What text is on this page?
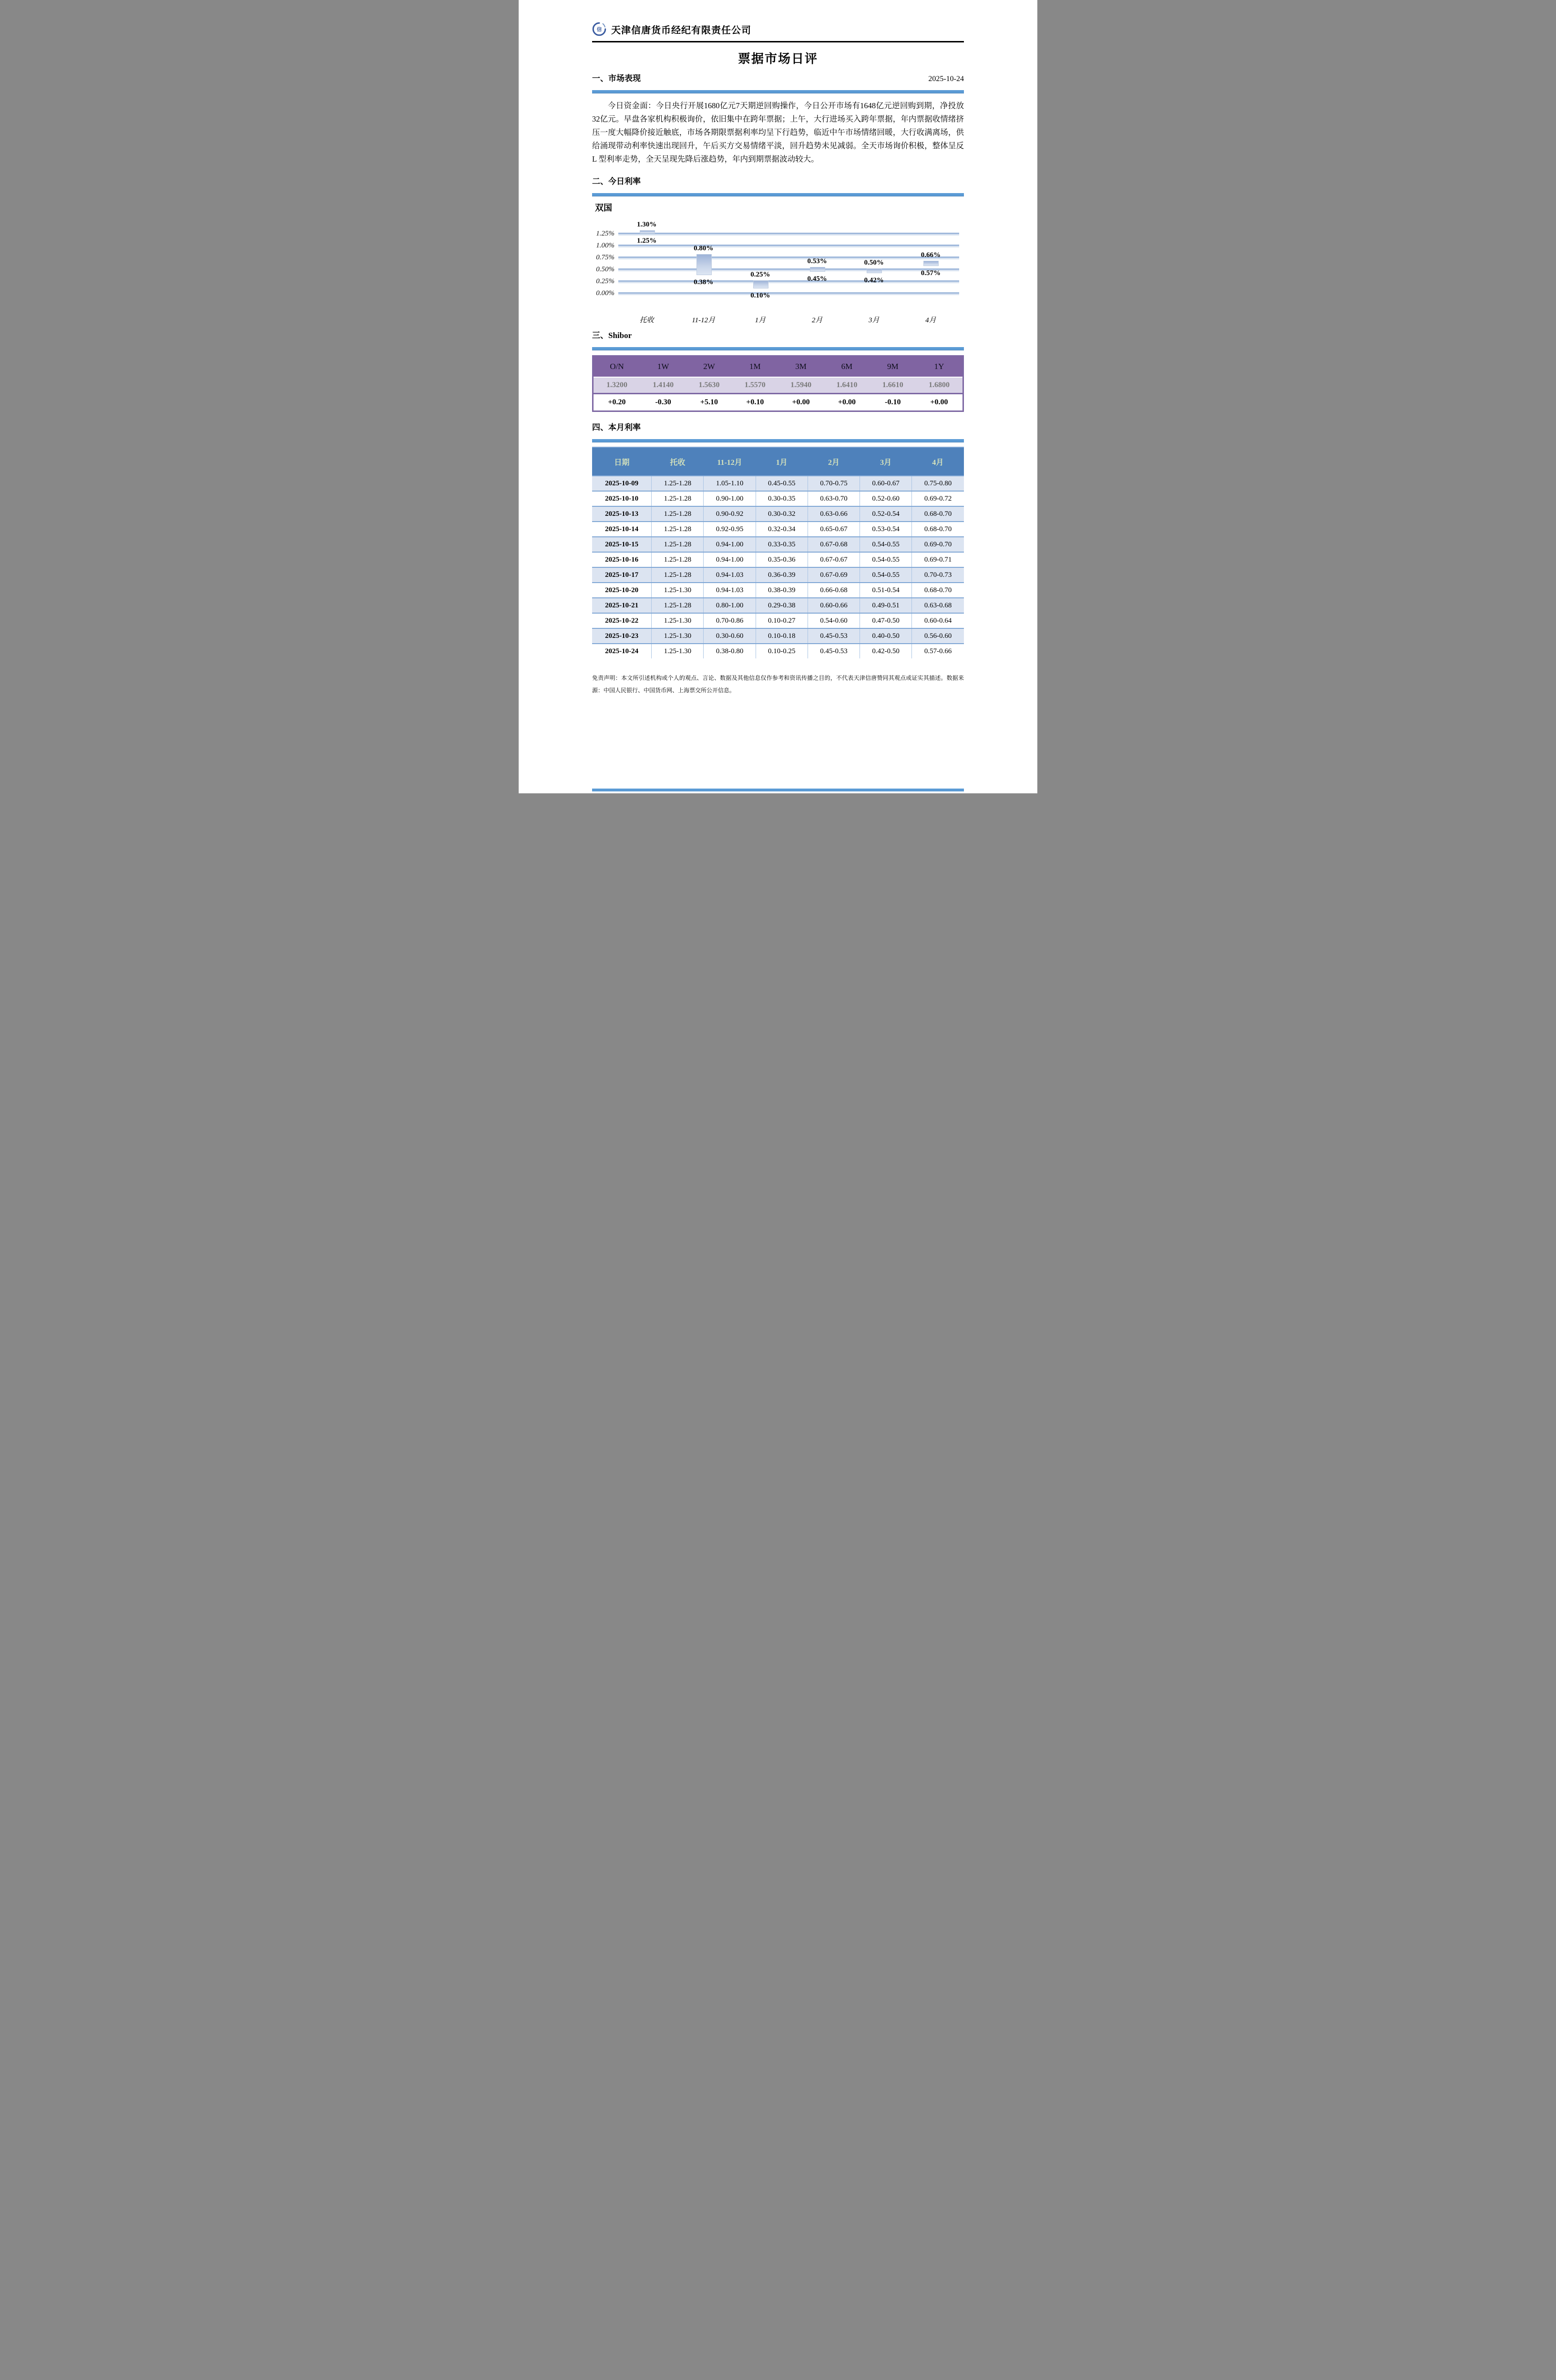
信 天津信唐货币经纪有限责任公司
票据市场日评
一、市场表现	2025-10-24

今日资金面：今日央行开展1680亿元7天期逆回购操作，今日公开市场有1648亿元逆回购到期，净投放32亿元。早盘各家机构积极询价，依旧集中在跨年票据；上午，大行进场买入跨年票据，年内票据收情绪挤压一度大幅降价接近触底，市场各期限票据利率均呈下行趋势，临近中午市场情绪回暖，大行收满离场，供给涌现带动利率快速出现回升，午后买方交易情绪平淡，回升趋势未见减弱。全天市场询价积极，整体呈反 L 型利率走势，全天呈现先降后涨趋势，年内到期票据波动较大。

二、今日利率
双国
1.25%
1.00%
0.75%
0.50%
0.25%
0.00%
1.30%
1.25%
托收
0.80%
0.38%
11-12月
0.25%
0.10%
1月
0.53%
0.45%
2月
0.50%
0.42%
3月
0.66%
0.57%
4月
三、Shibor
O/N	1W	2W	1M	3M	6M	9M	1Y
1.3200	1.4140	1.5630	1.5570	1.5940	1.6410	1.6610	1.6800
+0.20	-0.30	+5.10	+0.10	+0.00	+0.00	-0.10	+0.00
四、本月利率
日期	托收	11-12月	1月	2月	3月	4月
2025-10-09	1.25-1.28	1.05-1.10	0.45-0.55	0.70-0.75	0.60-0.67	0.75-0.80
2025-10-10	1.25-1.28	0.90-1.00	0.30-0.35	0.63-0.70	0.52-0.60	0.69-0.72
2025-10-13	1.25-1.28	0.90-0.92	0.30-0.32	0.63-0.66	0.52-0.54	0.68-0.70
2025-10-14	1.25-1.28	0.92-0.95	0.32-0.34	0.65-0.67	0.53-0.54	0.68-0.70
2025-10-15	1.25-1.28	0.94-1.00	0.33-0.35	0.67-0.68	0.54-0.55	0.69-0.70
2025-10-16	1.25-1.28	0.94-1.00	0.35-0.36	0.67-0.67	0.54-0.55	0.69-0.71
2025-10-17	1.25-1.28	0.94-1.03	0.36-0.39	0.67-0.69	0.54-0.55	0.70-0.73
2025-10-20	1.25-1.30	0.94-1.03	0.38-0.39	0.66-0.68	0.51-0.54	0.68-0.70
2025-10-21	1.25-1.28	0.80-1.00	0.29-0.38	0.60-0.66	0.49-0.51	0.63-0.68
2025-10-22	1.25-1.30	0.70-0.86	0.10-0.27	0.54-0.60	0.47-0.50	0.60-0.64
2025-10-23	1.25-1.30	0.30-0.60	0.10-0.18	0.45-0.53	0.40-0.50	0.56-0.60
2025-10-24	1.25-1.30	0.38-0.80	0.10-0.25	0.45-0.53	0.42-0.50	0.57-0.66

免责声明：本文所引述机构或个人的观点、言论、数据及其他信息仅作参考和资讯传播之目的，不代表天津信唐赞同其观点或证实其描述。数据来源：中国人民银行、中国货币网、上海票交所公开信息。
